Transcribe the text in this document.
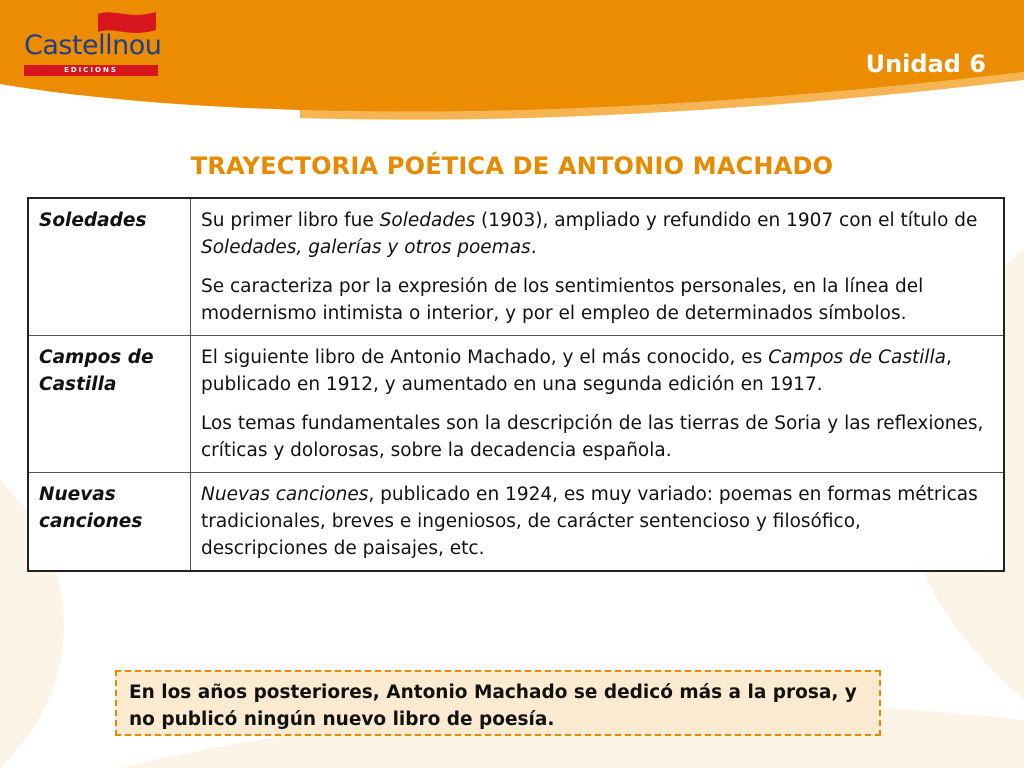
Castellnou
EDICIONS	Unidad 6
TRAYECTORIA POÉTICA DE ANTONIO MACHADO
Soledades	Su primer libro fue Soledades (1903), ampliado y refundido en 1907 con el título de Soledades, galerías y otros poemas.

Se caracteriza por la expresión de los sentimientos personales, en la línea del modernismo intimista o interior, y por el empleo de determinados símbolos.

Campos de Castilla	El siguiente libro de Antonio Machado, y el más conocido, es Campos de Castilla, publicado en 1912, y aumentado en una segunda edición en 1917.

Los temas fundamentales son la descripción de las tierras de Soria y las reflexiones, críticas y dolorosas, sobre la decadencia española.

Nuevas canciones	Nuevas canciones, publicado en 1924, es muy variado: poemas en formas métricas tradicionales, breves e ingeniosos, de carácter sentencioso y filosófico, descripciones de paisajes, etc.

En los años posteriores, Antonio Machado se dedicó más a la prosa, y no publicó ningún nuevo libro de poesía.
